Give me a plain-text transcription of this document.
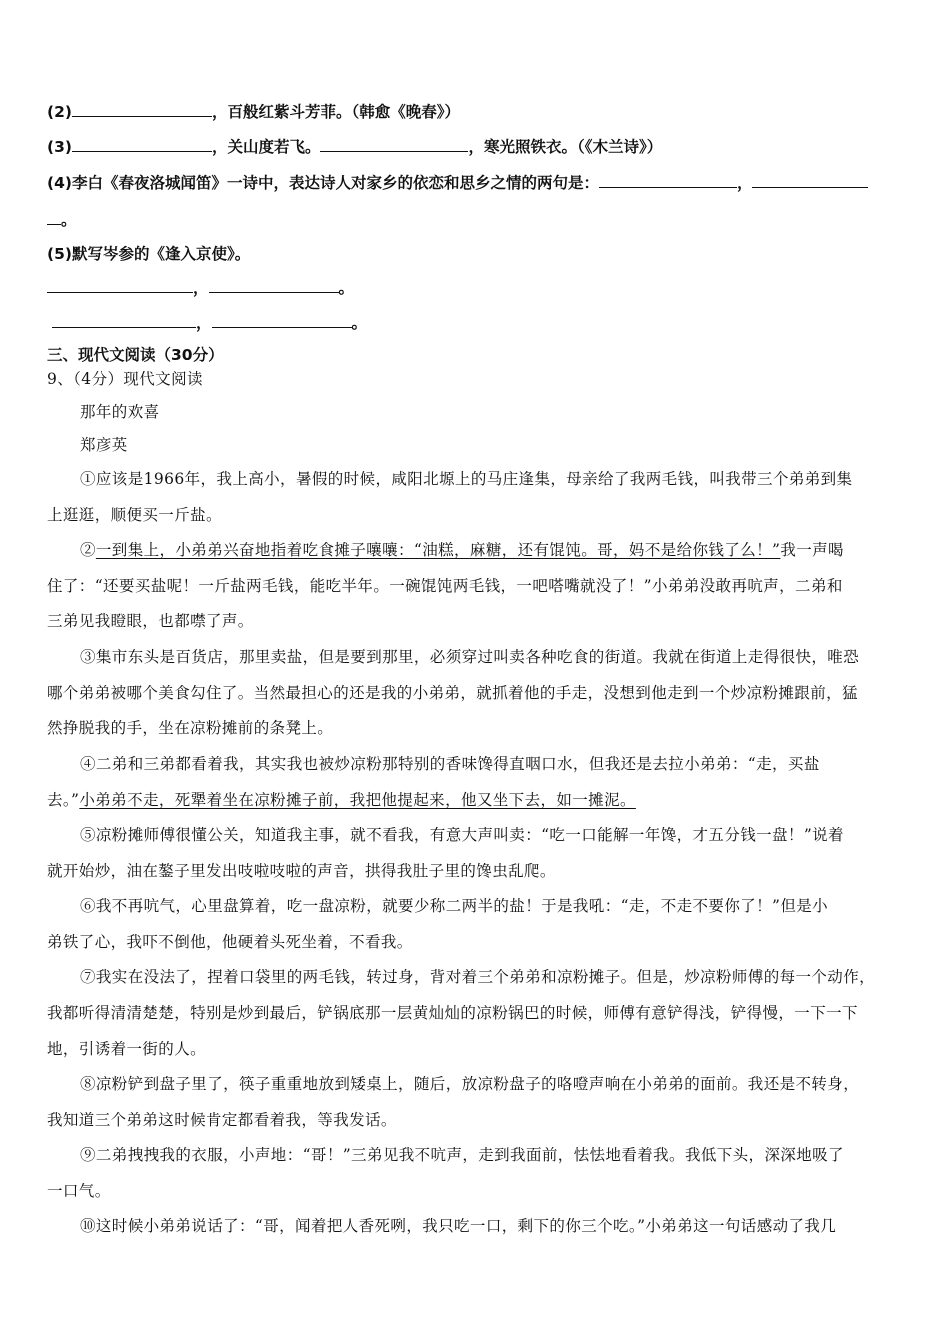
(2)	，百般红紫斗芳菲。（韩愈《晚春》）
(3)	，关山度若飞。	，寒光照铁衣。（《木兰诗》）
(4)李白《春夜洛城闻笛》一诗中，表达诗人对家乡的依恋和思乡之情的两句是：	，
。
(5)默写岑参的《逢入京使》。
，	。
，	。
三、现代文阅读（30分）
9、（4分）现代文阅读
那年的欢喜
郑彦英
①应该是1966年，我上高小，暑假的时候，咸阳北塬上的马庄逢集，母亲给了我两毛钱，叫我带三个弟弟到集
上逛逛，顺便买一斤盐。
②一到集上，小弟弟兴奋地指着吃食摊子嚷嚷：“油糕，麻糖，还有馄饨。哥，妈不是给你钱了么！”我一声喝
住了：“还要买盐呢！一斤盐两毛钱，能吃半年。一碗馄饨两毛钱，一吧嗒嘴就没了！”小弟弟没敢再吭声，二弟和
三弟见我瞪眼，也都噤了声。
③集市东头是百货店，那里卖盐，但是要到那里，必须穿过叫卖各种吃食的街道。我就在街道上走得很快，唯恐
哪个弟弟被哪个美食勾住了。当然最担心的还是我的小弟弟，就抓着他的手走，没想到他走到一个炒凉粉摊跟前，猛
然挣脱我的手，坐在凉粉摊前的条凳上。
④二弟和三弟都看着我，其实我也被炒凉粉那特别的香味馋得直咽口水，但我还是去拉小弟弟：“走，买盐
去。”小弟弟不走，死犟着坐在凉粉摊子前，我把他提起来，他又坐下去，如一摊泥。
⑤凉粉摊师傅很懂公关，知道我主事，就不看我，有意大声叫卖：“吃一口能解一年馋，才五分钱一盘！”说着
就开始炒，油在鏊子里发出吱啦吱啦的声音，拱得我肚子里的馋虫乱爬。
⑥我不再吭气，心里盘算着，吃一盘凉粉，就要少称二两半的盐！于是我吼：“走，不走不要你了！”但是小
弟铁了心，我吓不倒他，他硬着头死坐着，不看我。
⑦我实在没法了，捏着口袋里的两毛钱，转过身，背对着三个弟弟和凉粉摊子。但是，炒凉粉师傅的每一个动作，
我都听得清清楚楚，特别是炒到最后，铲锅底那一层黄灿灿的凉粉锅巴的时候，师傅有意铲得浅，铲得慢，一下一下
地，引诱着一街的人。
⑧凉粉铲到盘子里了，筷子重重地放到矮桌上，随后，放凉粉盘子的咯噔声响在小弟弟的面前。我还是不转身，
我知道三个弟弟这时候肯定都看着我，等我发话。
⑨二弟拽拽我的衣服，小声地：“哥！”三弟见我不吭声，走到我面前，怯怯地看着我。我低下头，深深地吸了
一口气。
⑩这时候小弟弟说话了：“哥，闻着把人香死咧，我只吃一口，剩下的你三个吃。”小弟弟这一句话感动了我几
